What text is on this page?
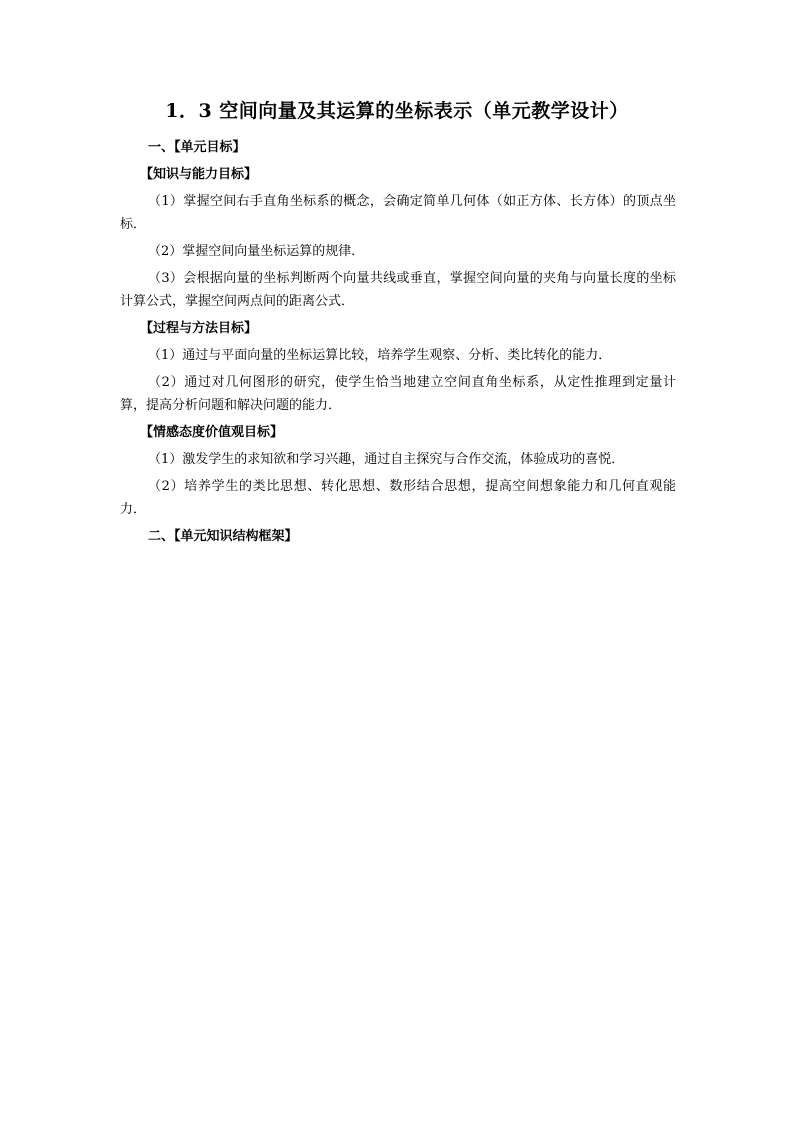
1．3 空间向量及其运算的坐标表示（单元教学设计）

一、【单元目标】

【知识与能力目标】

（1）掌握空间右手直角坐标系的概念，会确定简单几何体（如正方体、长方体）的顶点坐标．

（2）掌握空间向量坐标运算的规律．

（3）会根据向量的坐标判断两个向量共线或垂直，掌握空间向量的夹角与向量长度的坐标计算公式，掌握空间两点间的距离公式．

【过程与方法目标】

（1）通过与平面向量的坐标运算比较，培养学生观察、分析、类比转化的能力．

（2）通过对几何图形的研究，使学生恰当地建立空间直角坐标系，从定性推理到定量计算，提高分析问题和解决问题的能力．

【情感态度价值观目标】

（1）激发学生的求知欲和学习兴趣，通过自主探究与合作交流，体验成功的喜悦．

（2）培养学生的类比思想、转化思想、数形结合思想，提高空间想象能力和几何直观能力．

二、【单元知识结构框架】
